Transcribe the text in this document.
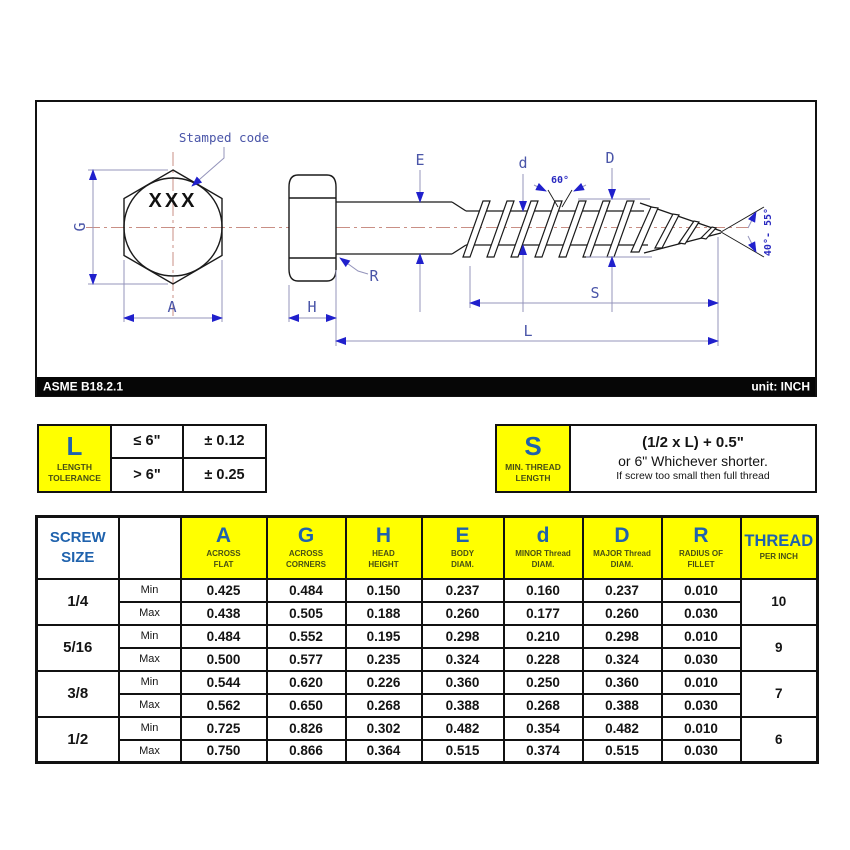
XXX
Stamped code
G
A
E	d	D
60°
40°- 55°
R
H
S
L
ASME B18.2.1	unit: INCH
L
LENGTH TOLERANCE
≤ 6"	± 0.12
> 6"	± 0.25
S
MIN. THREAD LENGTH
(1/2 x L) + 0.5"
or 6" Whichever shorter.
If screw too small then full thread
SCREW
SIZE

A
ACROSS
FLAT

G
ACROSS
CORNERS

H
HEAD
HEIGHT

E
BODY
DIAM.

d
MINOR Thread
DIAM.

D
MAJOR Thread
DIAM.

R
RADIUS OF
FILLET

THREAD
PER INCH

1/4	Min	0.425	0.484	0.150	0.237	0.160	0.237	0.010	10
	Max	0.438	0.505	0.188	0.260	0.177	0.260	0.030	
5/16	Min	0.484	0.552	0.195	0.298	0.210	0.298	0.010	9
	Max	0.500	0.577	0.235	0.324	0.228	0.324	0.030	
3/8	Min	0.544	0.620	0.226	0.360	0.250	0.360	0.010	7
	Max	0.562	0.650	0.268	0.388	0.268	0.388	0.030	
1/2	Min	0.725	0.826	0.302	0.482	0.354	0.482	0.010	6
	Max	0.750	0.866	0.364	0.515	0.374	0.515	0.030	
